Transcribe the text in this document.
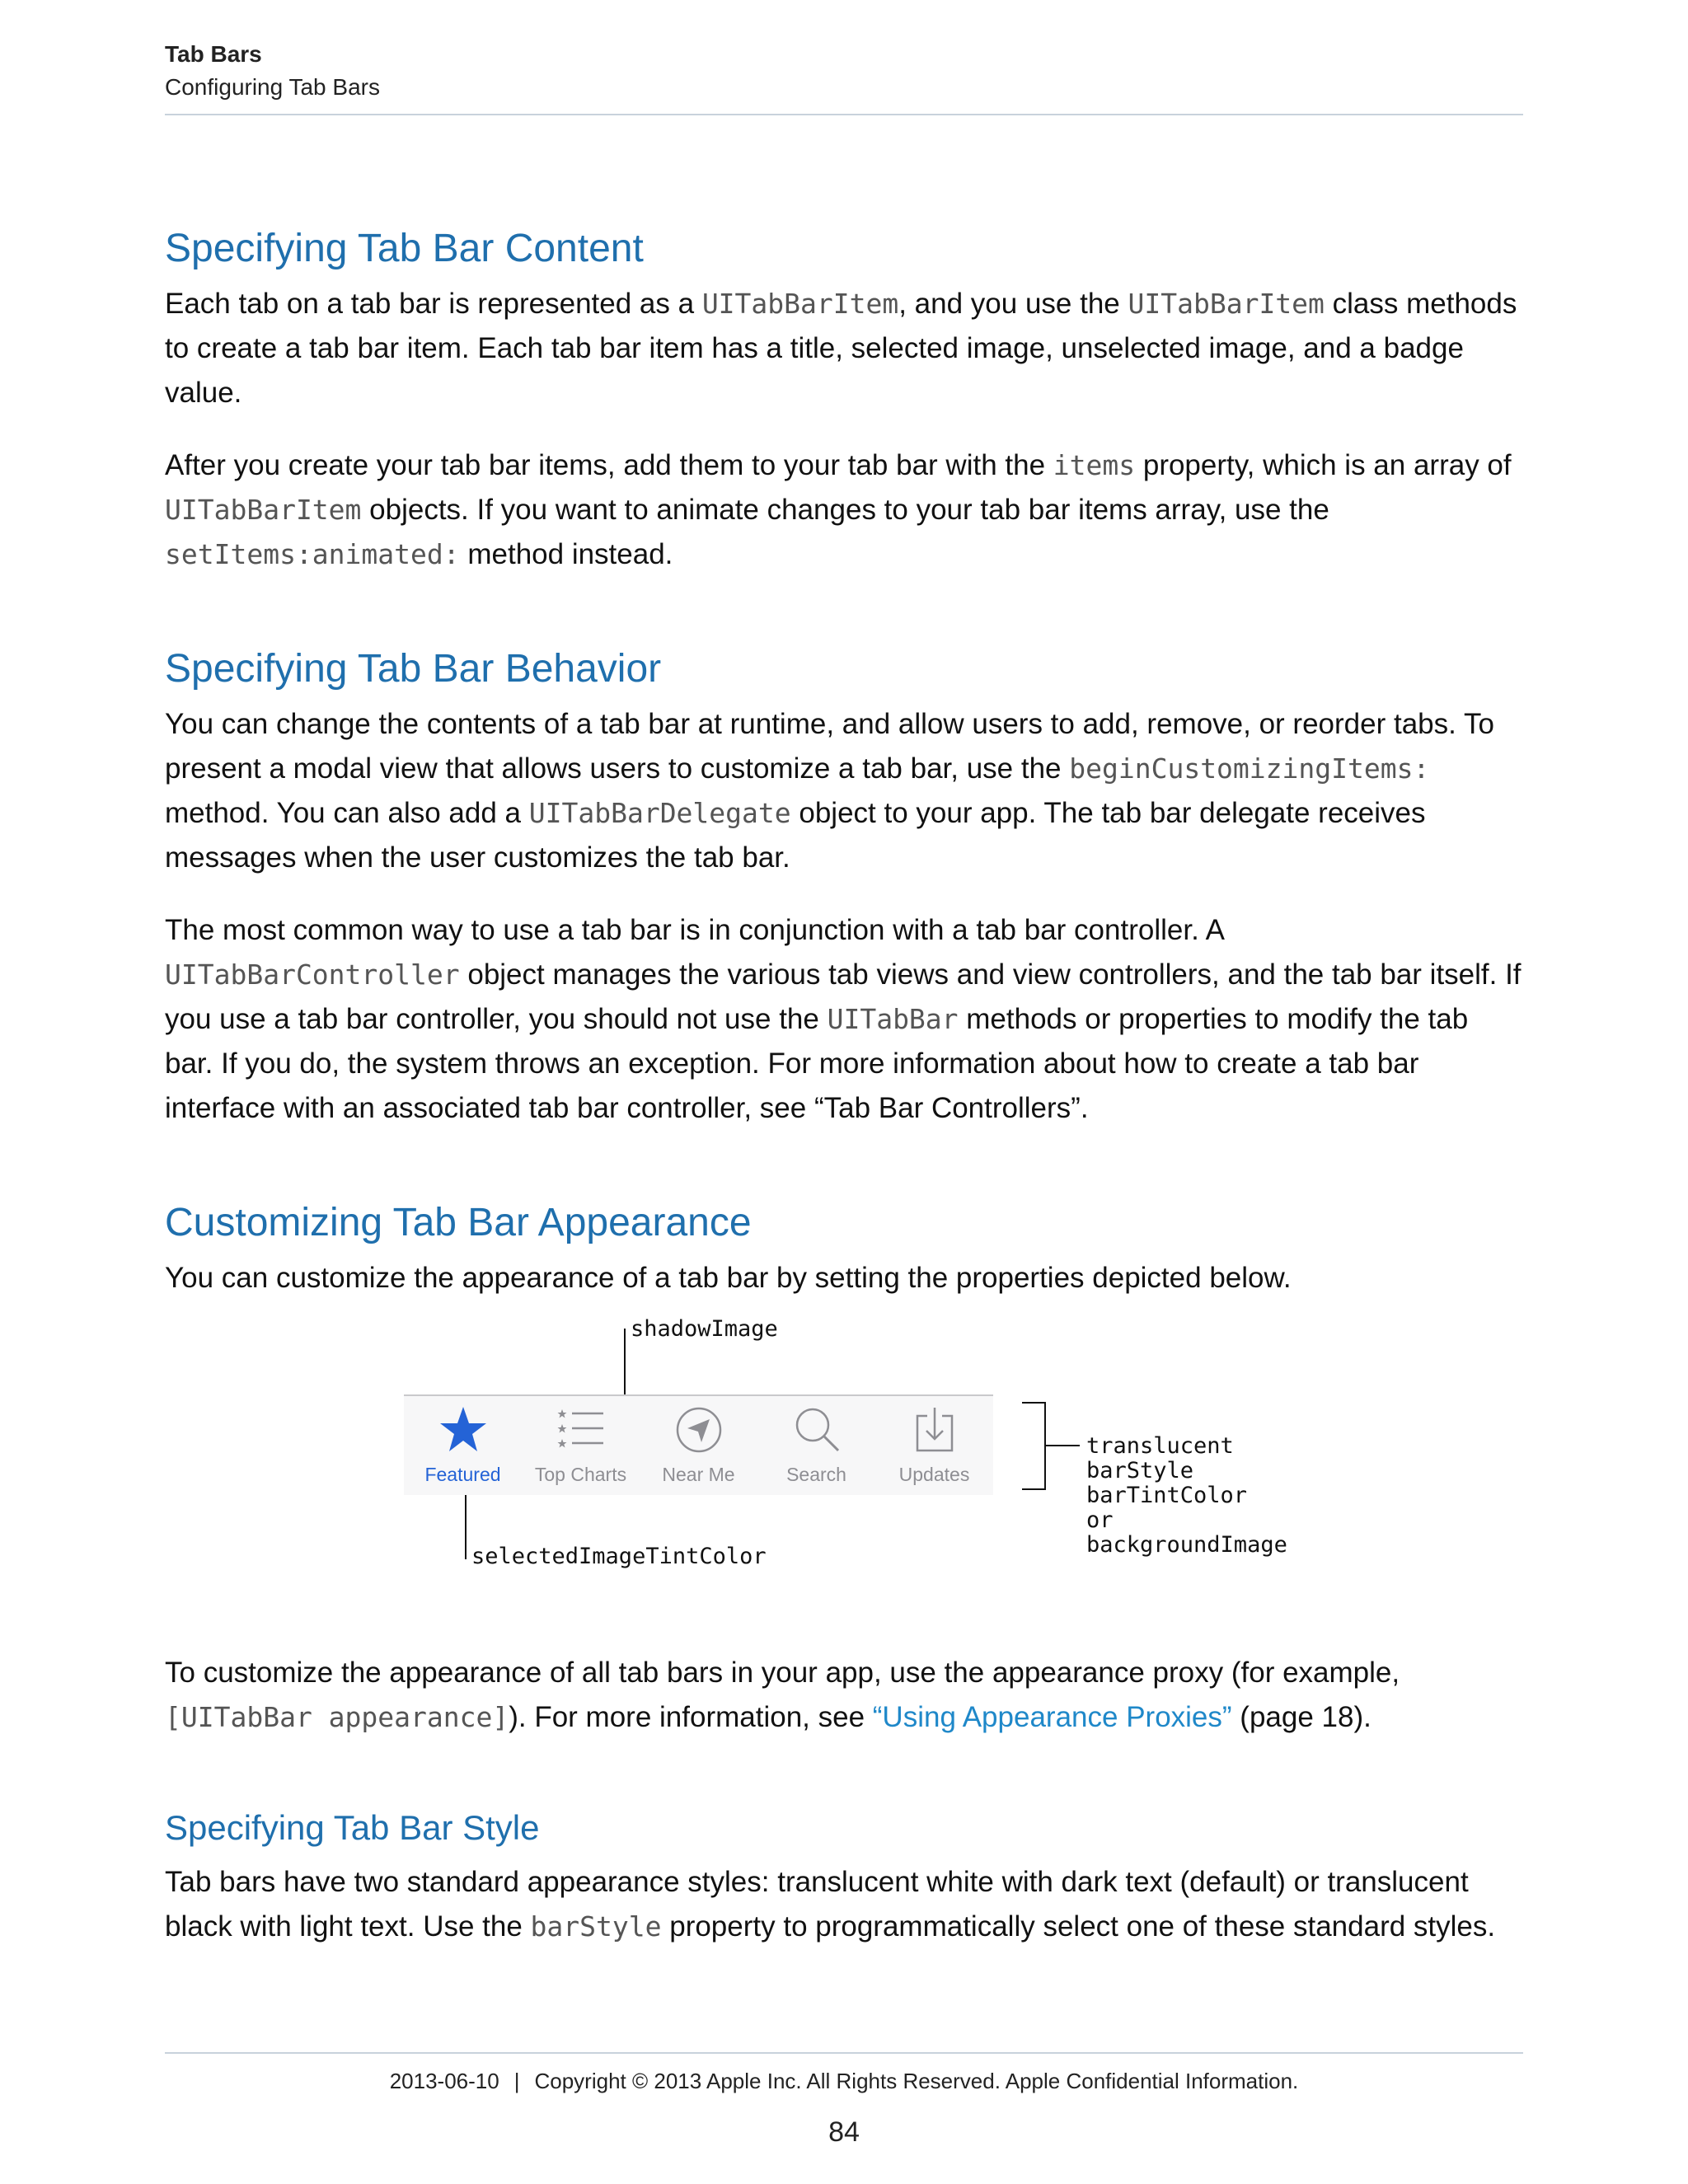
Tab Bars
Configuring Tab Bars
Specifying Tab Bar Content

Each tab on a tab bar is represented as a UITabBarItem, and you use the UITabBarItem class methods to create a tab bar item. Each tab bar item has a title, selected image, unselected image, and a badge value.

After you create your tab bar items, add them to your tab bar with the items property, which is an array of UITabBarItem objects. If you want to animate changes to your tab bar items array, use the setItems:animated: method instead.

Specifying Tab Bar Behavior

You can change the contents of a tab bar at runtime, and allow users to add, remove, or reorder tabs. To present a modal view that allows users to customize a tab bar, use the beginCustomizingItems: method. You can also add a UITabBarDelegate object to your app. The tab bar delegate receives messages when the user customizes the tab bar.

The most common way to use a tab bar is in conjunction with a tab bar controller. A UITabBarController object manages the various tab views and view controllers, and the tab bar itself. If you use a tab bar controller, you should not use the UITabBar methods or properties to modify the tab bar. If you do, the system throws an exception. For more information about how to create a tab bar interface with an associated tab bar controller, see “Tab Bar Controllers”.

Customizing Tab Bar Appearance

You can customize the appearance of a tab bar by setting the properties depicted below.

shadowImage
Featured	Top Charts	Near Me	Search	Updates
selectedImageTintColor
translucent
barStyle
barTintColor
or
backgroundImage

To customize the appearance of all tab bars in your app, use the appearance proxy (for example, [UITabBar appearance]). For more information, see “Using Appearance Proxies” (page 18).

Specifying Tab Bar Style

Tab bars have two standard appearance styles: translucent white with dark text (default) or translucent black with light text. Use the barStyle property to programmatically select one of these standard styles.

2013-06-10 | Copyright © 2013 Apple Inc. All Rights Reserved. Apple Confidential Information.
84
